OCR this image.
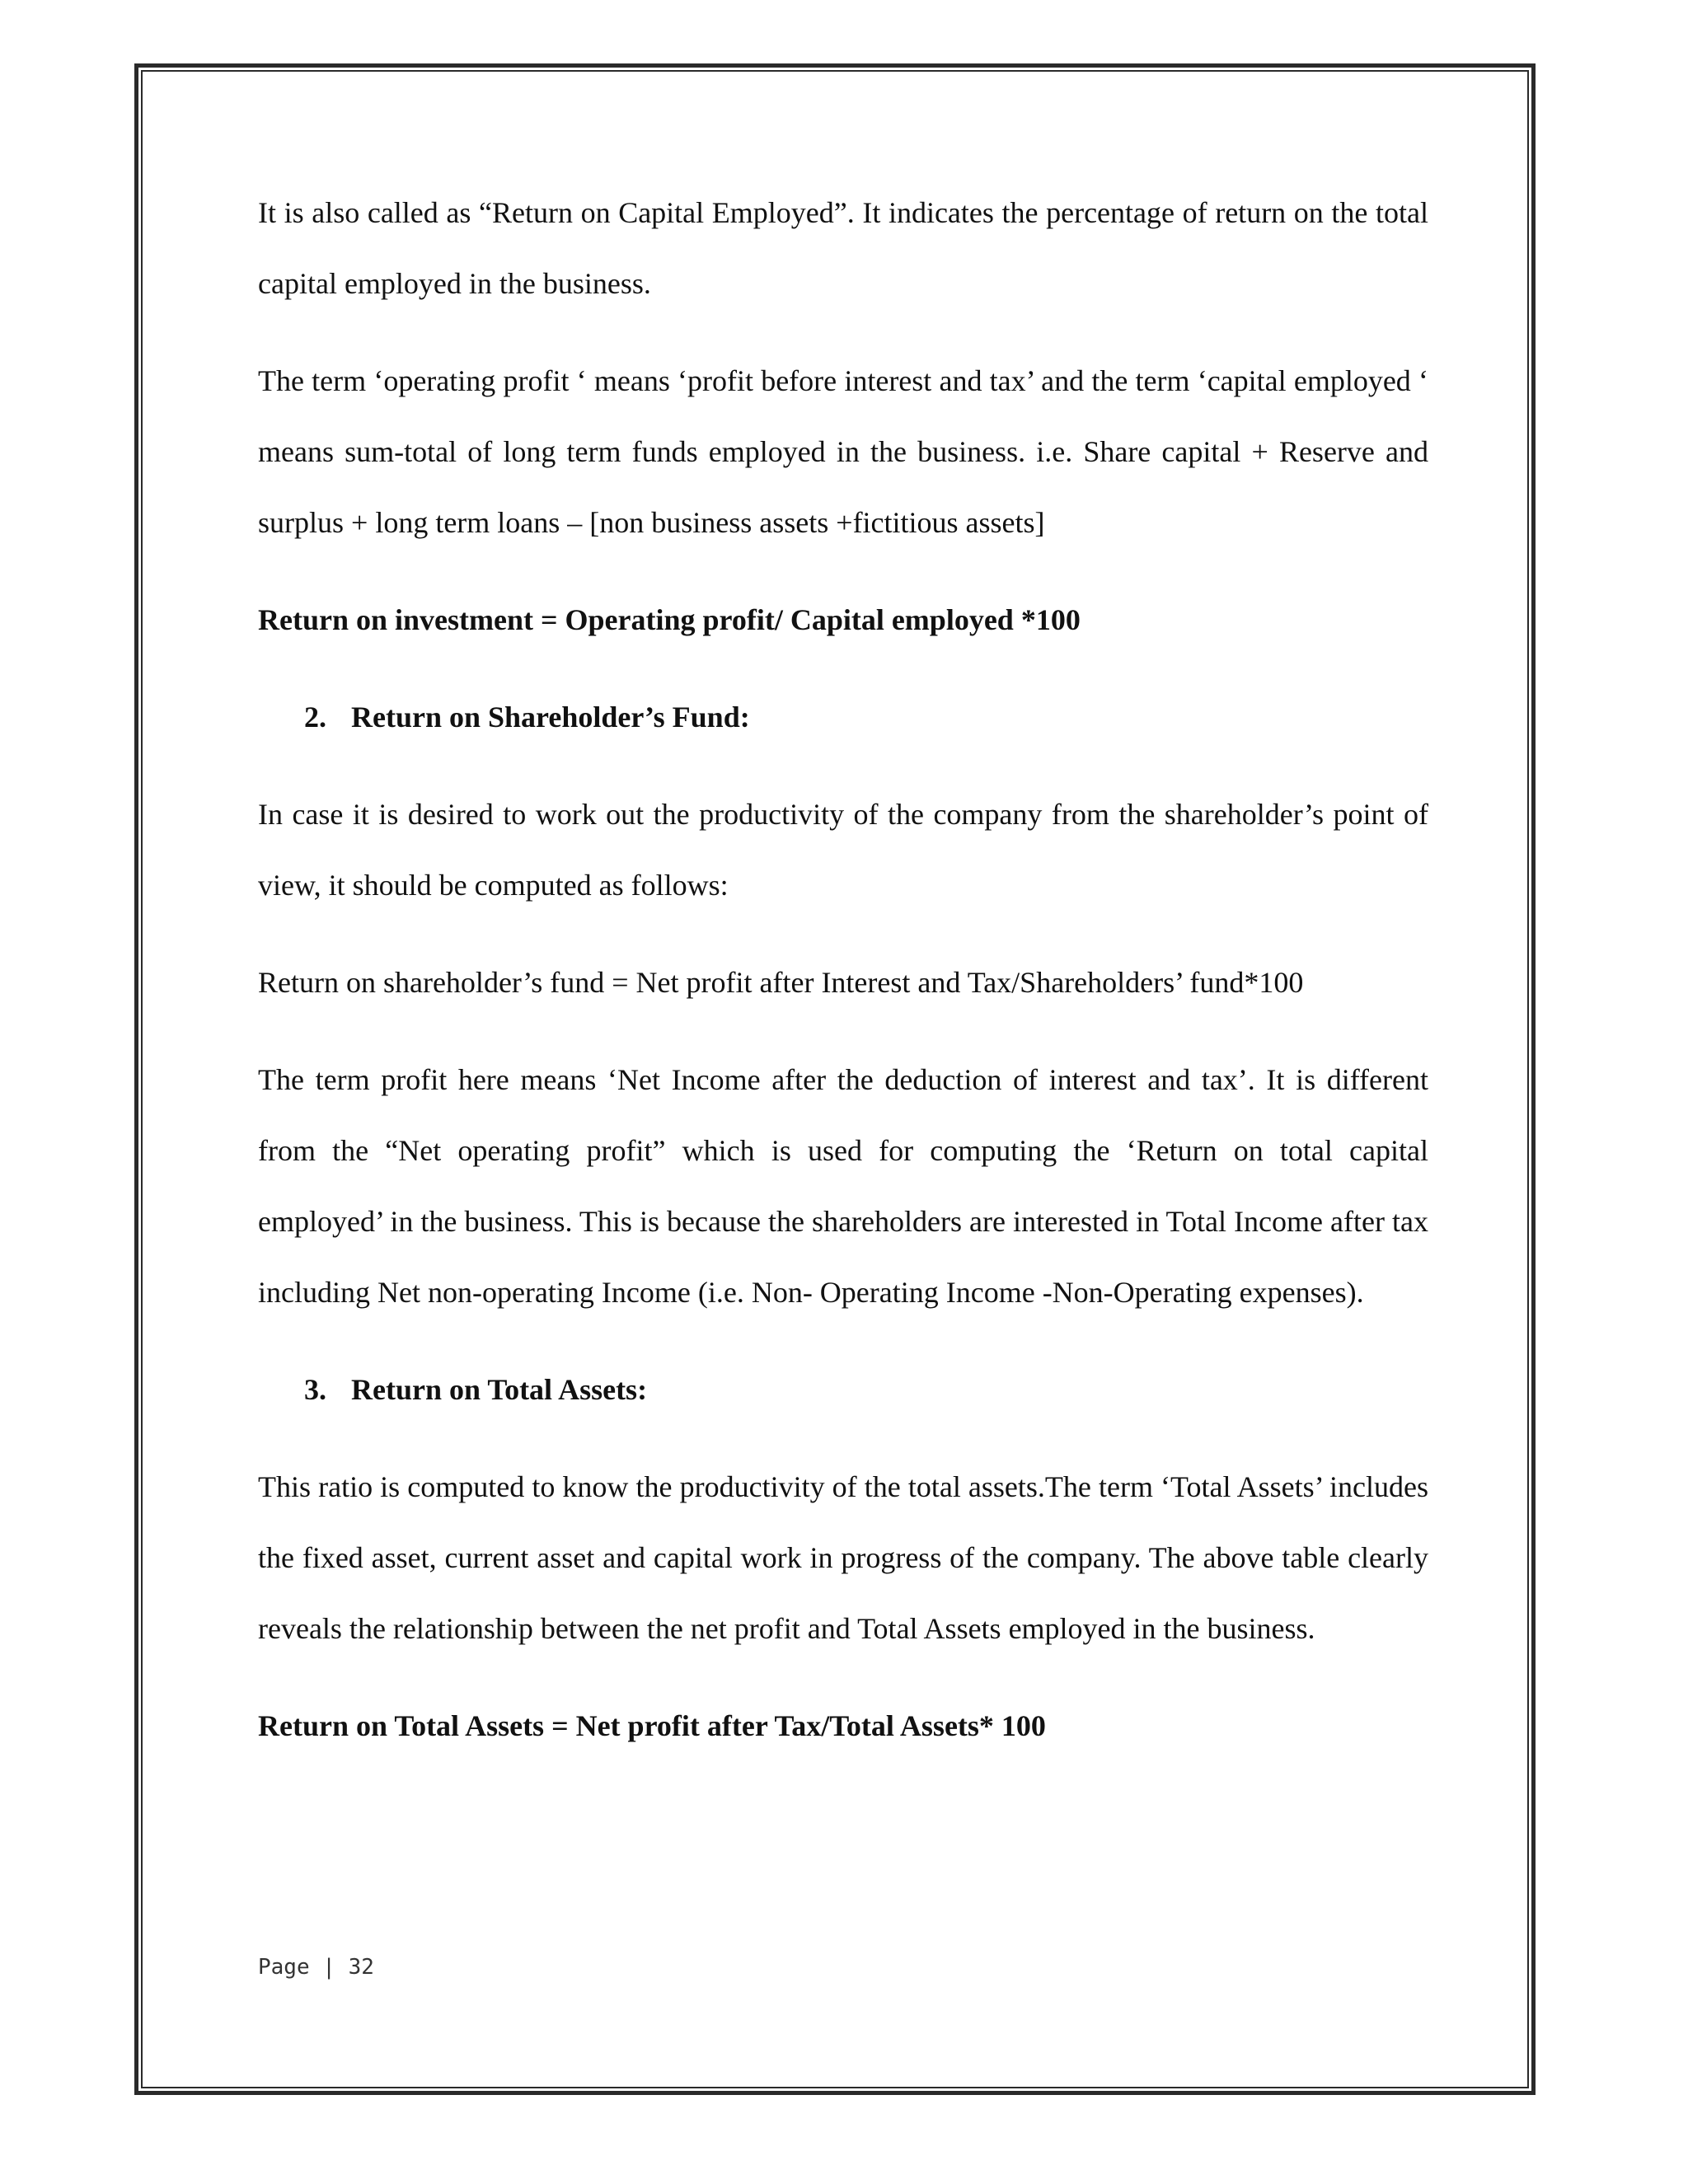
It is also called as “Return on Capital Employed”. It indicates the percentage of return on the total capital employed in the business.

The term ‘operating profit ‘ means ‘profit before interest and tax’ and the term ‘capital employed ‘ means sum-total of long term funds employed in the business. i.e. Share capital + Reserve and surplus + long term loans – [non business assets +fictitious assets]

Return on investment = Operating profit/ Capital employed *100

2. Return on Shareholder’s Fund:

In case it is desired to work out the productivity of the company from the shareholder’s point of view, it should be computed as follows:

Return on shareholder’s fund = Net profit after Interest and Tax/Shareholders’ fund*100

The term profit here means ‘Net Income after the deduction of interest and tax’. It is different from the “Net operating profit” which is used for computing the ‘Return on total capital employed’ in the business. This is because the shareholders are interested in Total Income after tax including Net non-operating Income (i.e. Non- Operating Income -Non-Operating expenses).

3. Return on Total Assets:

This ratio is computed to know the productivity of the total assets.The term ‘Total Assets’ includes the fixed asset, current asset and capital work in progress of the company. The above table clearly reveals the relationship between the net profit and Total Assets employed in the business.

Return on Total Assets = Net profit after Tax/Total Assets* 100

Page | 32
